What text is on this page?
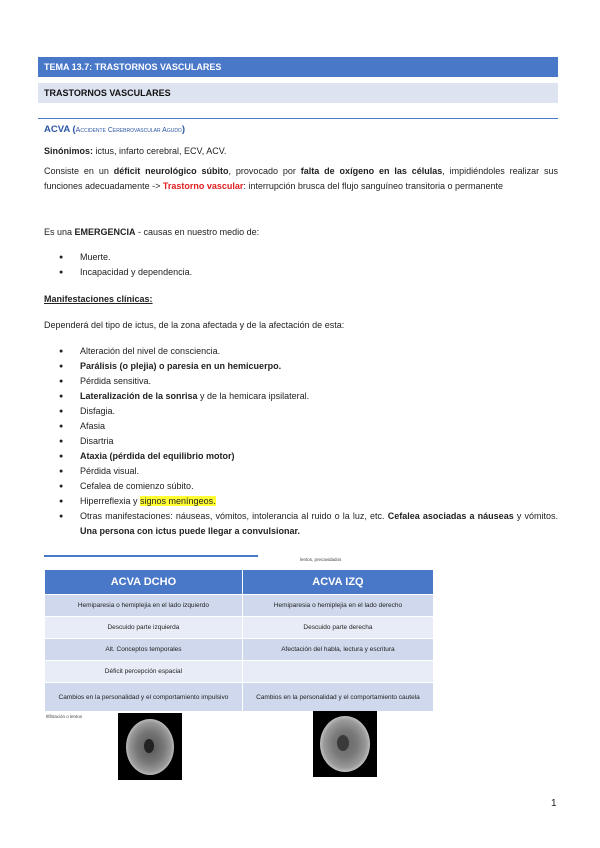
TEMA 13.7: TRASTORNOS VASCULARES
TRASTORNOS VASCULARES
ACVA (Accidente Cerebrovascular Agudo)
Sinónimos: ictus, infarto cerebral, ECV, ACV.
Consiste en un déficit neurológico súbito, provocado por falta de oxígeno en las células, impidiéndoles realizar sus funciones adecuadamente -> Trastorno vascular: interrupción brusca del flujo sanguíneo transitoria o permanente
Es una EMERGENCIA - causas en nuestro medio de:
● Muerte.
● Incapacidad y dependencia.
Manifestaciones clínicas:
Dependerá del tipo de ictus, de la zona afectada y de la afectación de esta:
● Alteración del nivel de consciencia.
● Parálisis (o plejia) o paresia en un hemicuerpo.
● Pérdida sensitiva.
● Lateralización de la sonrisa y de la hemicara ipsilateral.
● Disfagia.
● Afasia
● Disartria
● Ataxia (pérdida del equilibrio motor)
● Pérdida visual.
● Cefalea de comienzo súbito.
● Hiperreflexia y signos meníngeos.
● Otras manifestaciones: náuseas, vómitos, intolerancia al ruido o la luz, etc. Cefalea asociadas a náuseas y vómitos. Una persona con ictus puede llegar a convulsionar.
lentos, precavidados
ACVA DCHO	ACVA IZQ
Hemiparesia o hemiplejia en el lado izquierdo	Hemiparesia o hemiplejia en el lado derecho
Descuido parte izquierda	Descuido parte derecha
Alt. Conceptos temporales	Afectación del habla, lectura y escritura
Déficit percepción espacial	
Cambios en la personalidad y el comportamiento impulsivo	Cambios en la personalidad y el comportamiento cautela
Ilfiltración o lentos
1
